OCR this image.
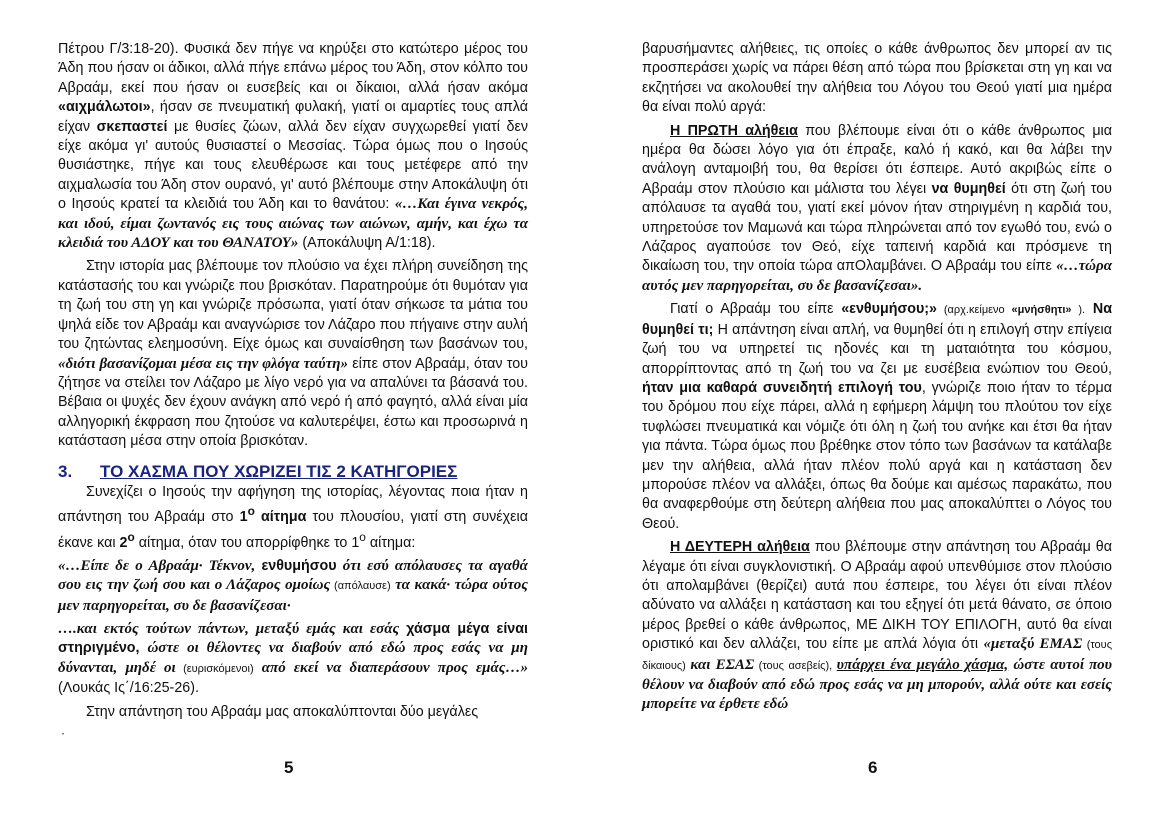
Πέτρου Γ/3:18-20). Φυσικά δεν πήγε να κηρύξει στο κατώτερο μέρος του Άδη που ήσαν οι άδικοι, αλλά πήγε επάνω μέρος του Άδη, στον κόλπο του Αβραάμ, εκεί που ήσαν οι ευσεβείς και οι δίκαιοι, αλλά ήσαν ακόμα «αιχμάλωτοι», ήσαν σε πνευματική φυλακή, γιατί οι αμαρτίες τους απλά είχαν σκεπαστεί με θυσίες ζώων, αλλά δεν είχαν συγχωρεθεί γιατί δεν είχε ακόμα γι' αυτούς θυσιαστεί ο Μεσσίας. Τώρα όμως που ο Ιησούς θυσιάστηκε, πήγε και τους ελευθέρωσε και τους μετέφερε από την αιχμαλωσία του Άδη στον ουρανό, γι' αυτό βλέπουμε στην Αποκάλυψη ότι ο Ιησούς κρατεί τα κλειδιά του Άδη και το θανάτου: «…Και έγινα νεκρός, και ιδού, είμαι ζωντανός εις τους αιώνας των αιώνων, αμήν, και έχω τα κλειδιά του ΑΔΟΥ και του ΘΑΝΑΤΟΥ» (Αποκάλυψη Α/1:18).

Στην ιστορία μας βλέπουμε τον πλούσιο να έχει πλήρη συνείδηση της κατάστασής του και γνώριζε που βρισκόταν. Παρατηρούμε ότι θυμόταν για τη ζωή του στη γη και γνώριζε πρόσωπα, γιατί όταν σήκωσε τα μάτια του ψηλά είδε τον Αβραάμ και αναγνώρισε τον Λάζαρο που πήγαινε στην αυλή του ζητώντας ελεημοσύνη. Είχε όμως και συναίσθηση των βασάνων του, «διότι βασανίζομαι μέσα εις την φλόγα ταύτη» είπε στον Αβραάμ, όταν του ζήτησε να στείλει τον Λάζαρο με λίγο νερό για να απαλύνει τα βάσανά του. Βέβαια οι ψυχές δεν έχουν ανάγκη από νερό ή από φαγητό, αλλά είναι μία αλληγορική έκφραση που ζητούσε να καλυτερέψει, έστω και προσωρινά η κατάσταση μέσα στην οποία βρισκόταν.

3.	ΤΟ ΧΑΣΜΑ ΠΟΥ ΧΩΡΙΖΕΙ ΤΙΣ 2 ΚΑΤΗΓΟΡΙΕΣ

Συνεχίζει ο Ιησούς την αφήγηση της ιστορίας, λέγοντας ποια ήταν η απάντηση του Αβραάμ στο $1^o$ αίτημα του πλουσίου, γιατί στη συνέχεια έκανε και $2^o$ αίτημα, όταν του απορρίφθηκε το $1^o$ αίτημα:

«…Είπε δε ο Αβραάμ· Τέκνον, ενθυμήσου ότι εσύ απόλαυσες τα αγαθά σου εις την ζωή σου και ο Λάζαρος ομοίως (απόλαυσε) τα κακά· τώρα ούτος μεν παρηγορείται, συ δε βασανίζεσαι·

….και εκτός τούτων πάντων, μεταξύ εμάς και εσάς χάσμα μέγα είναι στηριγμένο, ώστε οι θέλοντες να διαβούν από εδώ προς εσάς να μη δύνανται, μηδέ οι (ευρισκόμενοι) από εκεί να διαπεράσουν προς εμάς…» (Λουκάς Ις΄/16:25-26).

Στην απάντηση του Αβραάμ μας αποκαλύπτονται δύο μεγάλες

βαρυσήμαντες αλήθειες, τις οποίες ο κάθε άνθρωπος δεν μπορεί αν τις προσπεράσει χωρίς να πάρει θέση από τώρα που βρίσκεται στη γη και να εκζητήσει να ακολουθεί την αλήθεια του Λόγου του Θεού γιατί μια ημέρα θα είναι πολύ αργά:

Η ΠΡΩΤΗ αλήθεια που βλέπουμε είναι ότι ο κάθε άνθρωπος μια ημέρα θα δώσει λόγο για ότι έπραξε, καλό ή κακό, και θα λάβει την ανάλογη ανταμοιβή του, θα θερίσει ότι έσπειρε. Αυτό ακριβώς είπε ο Αβραάμ στον πλούσιο και μάλιστα του λέγει να θυμηθεί ότι στη ζωή του απόλαυσε τα αγαθά του, γιατί εκεί μόνον ήταν στηριγμένη η καρδιά του, υπηρετούσε τον Μαμωνά και τώρα πληρώνεται από τον εγωθό του, ενώ ο Λάζαρος αγαπούσε τον Θεό, είχε ταπεινή καρδιά και πρόσμενε τη δικαίωση του, την οποία τώρα απΟλαμβάνει. Ο Αβραάμ του είπε «…τώρα αυτός μεν παρηγορείται, συ δε βασανίζεσαι».

Γιατί ο Αβραάμ του είπε «ενθυμήσου;» (αρχ.κείμενο «μνήσθητι» ). Να θυμηθεί τι; Η απάντηση είναι απλή, να θυμηθεί ότι η επιλογή στην επίγεια ζωή του να υπηρετεί τις ηδονές και τη ματαιότητα του κόσμου, απορρίπτοντας από τη ζωή του να ζει με ευσέβεια ενώπιον του Θεού, ήταν μια καθαρά συνειδητή επιλογή του, γνώριζε ποιο ήταν το τέρμα του δρόμου που είχε πάρει, αλλά η εφήμερη λάμψη του πλούτου τον είχε τυφλώσει πνευματικά και νόμιζε ότι όλη η ζωή του ανήκε και έτσι θα ήταν για πάντα. Τώρα όμως που βρέθηκε στον τόπο των βασάνων τα κατάλαβε μεν την αλήθεια, αλλά ήταν πλέον πολύ αργά και η κατάσταση δεν μπορούσε πλέον να αλλάξει, όπως θα δούμε και αμέσως παρακάτω, που θα αναφερθούμε στη δεύτερη αλήθεια που μας αποκαλύπτει ο Λόγος του Θεού.

Η ΔΕΥΤΕΡΗ αλήθεια που βλέπουμε στην απάντηση του Αβραάμ θα λέγαμε ότι είναι συγκλονιστική. Ο Αβραάμ αφού υπενθύμισε στον πλούσιο ότι απολαμβάνει (θερίζει) αυτά που έσπειρε, του λέγει ότι είναι πλέον αδύνατο να αλλάξει η κατάσταση και του εξηγεί ότι μετά θάνατο, σε όποιο μέρος βρεθεί ο κάθε άνθρωπος, ΜΕ ΔΙΚΗ ΤΟΥ ΕΠΙΛΟΓΗ, αυτό θα είναι οριστικό και δεν αλλάζει, του είπε με απλά λόγια ότι «μεταξύ ΕΜΑΣ (τους δίκαιους) και ΕΣΑΣ (τους ασεβείς), υπάρχει ένα μεγάλο χάσμα, ώστε αυτοί που θέλουν να διαβούν από εδώ προς εσάς να μη μπορούν, αλλά ούτε και εσείς μπορείτε να έρθετε εδώ

•
5	6
